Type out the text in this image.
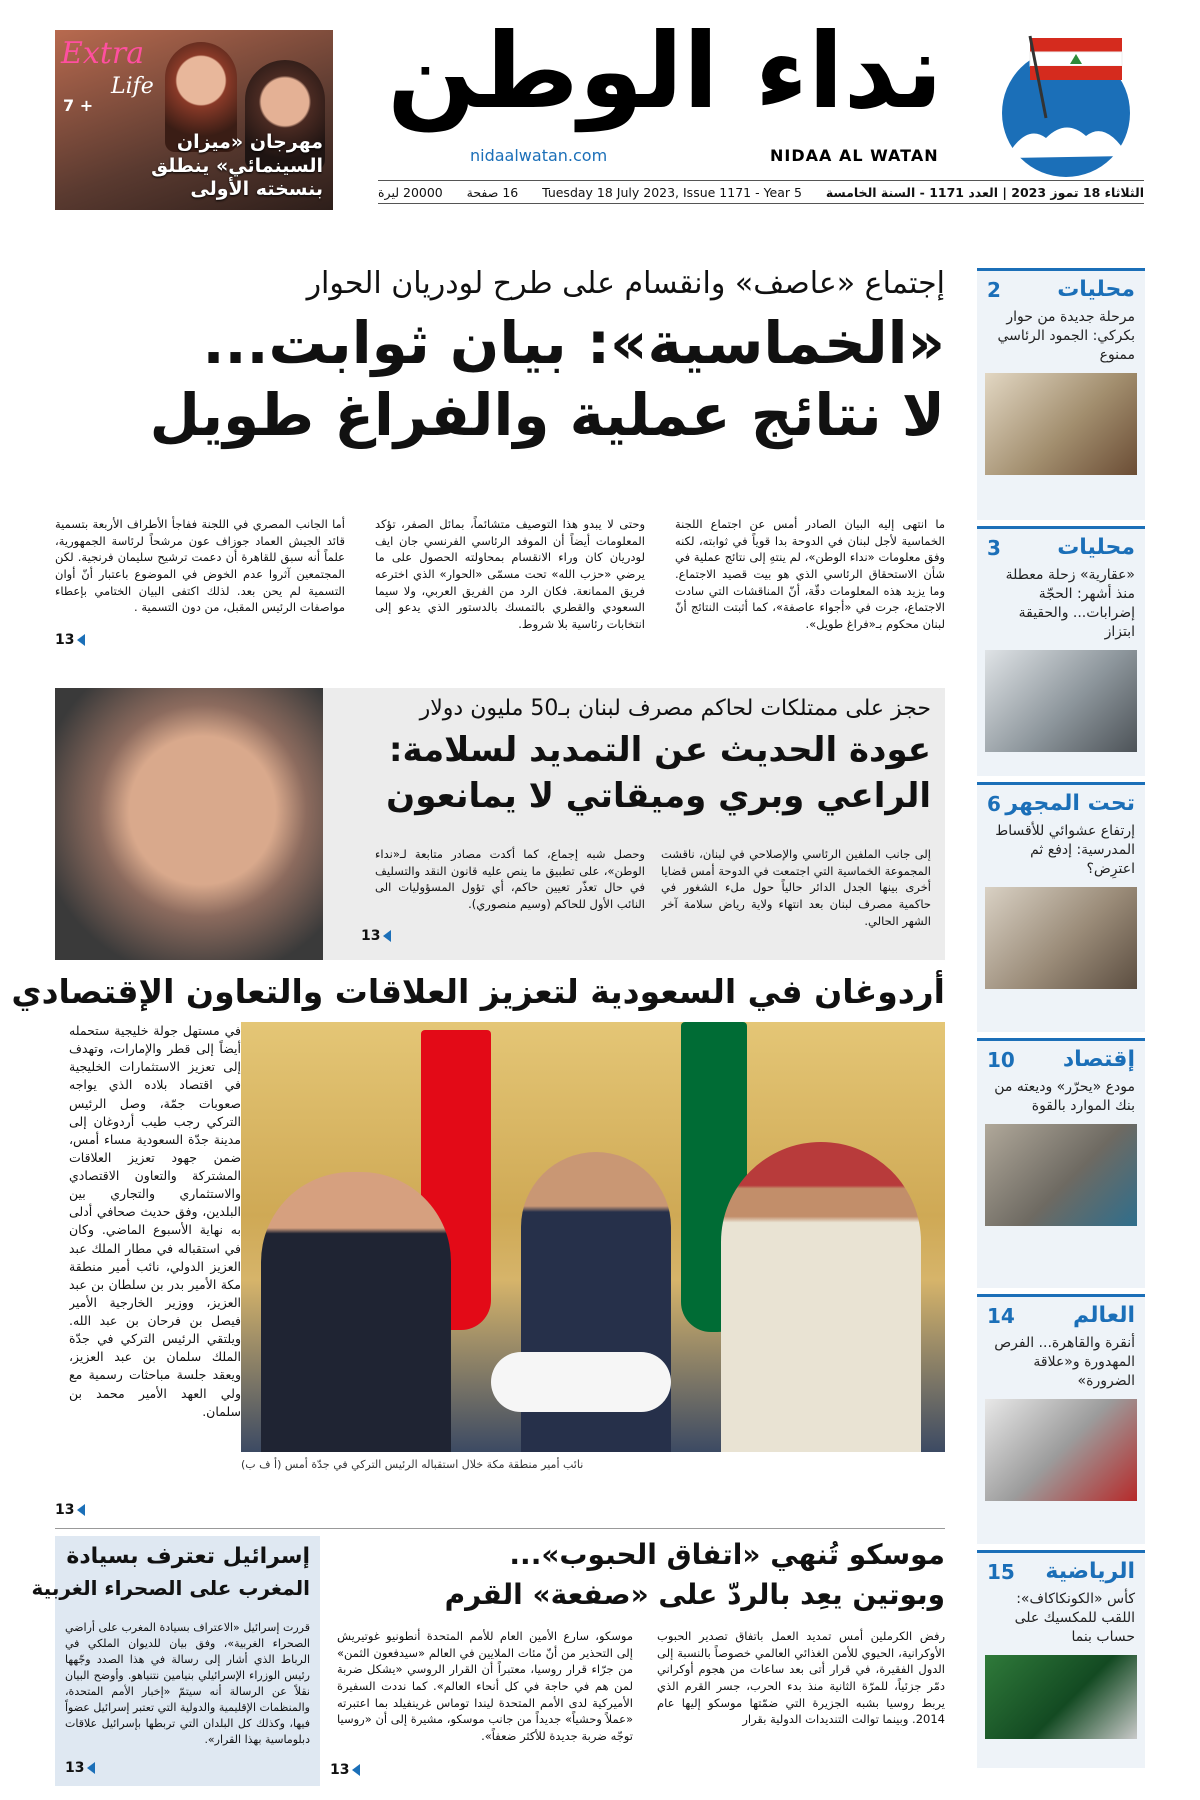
Extra
Life
7 +
مهرجان «ميزان السينمائي» ينطلق بنسخته الأولى
نداء الوطن
nidaalwatan.com	NIDAA AL WATAN
الثلاثاء 18 تموز 2023 | العدد 1171 - السنة الخامسة
Tuesday 18 July 2023, Issue 1171 - Year 5
16 صفحة
20000 ليرة
محليات
2
مرحلة جديدة من حوار بكركي: الجمود الرئاسي ممنوع
محليات
3
«عقارية» زحلة معطلة منذ أشهر: الحجّة إضرابات... والحقيقة ابتزاز
تحت المجهر
6
إرتفاع عشوائي للأقساط المدرسية: إدفع ثم اعترِض؟
إقتصاد
10
مودع «يحرّر» وديعته من بنك الموارد بالقوة
العالم
14
أنقرة والقاهرة... الفرص المهدورة و«علاقة الضرورة»
الرياضية
15
كأس «الكونكاكاف»: اللقب للمكسيك على حساب بنما
إجتماع «عاصف» وانقسام على طرح لودريان الحوار
«الخماسية»: بيان ثوابت...
لا نتائج عملية والفراغ طويل
ما انتهى إليه البيان الصادر أمس عن اجتماع اللجنة الخماسية لأجل لبنان في الدوحة بدا قوياً في ثوابته، لكنه وفق معلومات «نداء الوطن»، لم ينتهِ إلى نتائج عملية في شأن الاستحقاق الرئاسي الذي هو بيت قصيد الاجتماع. وما يزيد هذه المعلومات دقّة، أنّ المناقشات التي سادت الاجتماع، جرت في «أجواء عاصفة»، كما أثبتت النتائج أنّ لبنان محكوم بـ«فراغ طويل».
وحتى لا يبدو هذا التوصيف متشائماً، بمائل الصفر، تؤكد المعلومات أيضاً أن الموفد الرئاسي الفرنسي جان ايف لودريان كان وراء الانقسام بمحاولته الحصول على ما يرضي «حزب الله» تحت مسمّى «الحوار» الذي اخترعه فريق الممانعة. فكان الرد من الفريق العربي، ولا سيما السعودي والقطري بالتمسك بالدستور الذي يدعو إلى انتخابات رئاسية بلا شروط.
أما الجانب المصري في اللجنة ففاجأ الأطراف الأربعة بتسمية قائد الجيش العماد جوزاف عون مرشحاً لرئاسة الجمهورية، علماً أنه سبق للقاهرة أن دعمت ترشيح سليمان فرنجية. لكن المجتمعين آثروا عدم الخوض في الموضوع باعتبار أنّ أوان التسمية لم يحن بعد. لذلك اكتفى البيان الختامي بإعطاء مواصفات الرئيس المقبل، من دون التسمية .
13
حجز على ممتلكات لحاكم مصرف لبنان بـ50 مليون دولار
عودة الحديث عن التمديد لسلامة:
الراعي وبري وميقاتي لا يمانعون
إلى جانب الملفين الرئاسي والإصلاحي في لبنان، ناقشت المجموعة الخماسية التي اجتمعت في الدوحة أمس قضايا أخرى بينها الجدل الدائر حالياً حول ملء الشغور في حاكمية مصرف لبنان بعد انتهاء ولاية رياض سلامة آخر الشهر الحالي.
وحصل شبه إجماع، كما أكدت مصادر متابعة لـ«نداء الوطن»، على تطبيق ما ينص عليه قانون النقد والتسليف في حال تعذّر تعيين حاكم، أي تؤول المسؤوليات الى النائب الأول للحاكم (وسيم منصوري).
13
أردوغان في السعودية لتعزيز العلاقات والتعاون الإقتصادي
في مستهل جولة خليجية ستحمله أيضاً إلى قطر والإمارات، وتهدف إلى تعزيز الاستثمارات الخليجية في اقتصاد بلاده الذي يواجه صعوبات جمّة، وصل الرئيس التركي رجب طيب أردوغان إلى مدينة جدّة السعودية مساء أمس، ضمن جهود تعزيز العلاقات المشتركة والتعاون الاقتصادي والاستثماري والتجاري بين البلدين، وفق حديث صحافي أدلى به نهاية الأسبوع الماضي. وكان في استقباله في مطار الملك عبد العزيز الدولي، نائب أمير منطقة مكة الأمير بدر بن سلطان بن عبد العزيز، ووزير الخارجية الأمير فيصل بن فرحان بن عبد الله. ويلتقي الرئيس التركي في جدّة الملك سلمان بن عبد العزيز، ويعقد جلسة مباحثات رسمية مع ولي العهد الأمير محمد بن سلمان.
نائب أمير منطقة مكة خلال استقباله الرئيس التركي في جدّة أمس (أ ف ب)
13
موسكو تُنهي «اتفاق الحبوب»...
وبوتين يعِد بالردّ على «صفعة» القرم
رفض الكرملين أمس تمديد العمل باتفاق تصدير الحبوب الأوكرانية، الحيوي للأمن الغذائي العالمي خصوصاً بالنسبة إلى الدول الفقيرة، في قرار أتى بعد ساعات من هجوم أوكراني دمّر جزئياً، للمرّة الثانية منذ بدء الحرب، جسر القرم الذي يربط روسيا بشبه الجزيرة التي ضمّتها موسكو إليها عام 2014. وبينما توالت التنديدات الدولية بقرار
موسكو، سارع الأمين العام للأمم المتحدة أنطونيو غوتيريش إلى التحذير من أنّ مئات الملايين في العالم «سيدفعون الثمن» من جرّاء قرار روسيا، معتبراً أن القرار الروسي «يشكل ضربة لمن هم في حاجة في كل أنحاء العالم». كما نددت السفيرة الأميركية لدى الأمم المتحدة ليندا توماس غرينفيلد بما اعتبرته «عملاً وحشياً» جديداً من جانب موسكو، مشيرة إلى أن «روسيا توجّه ضربة جديدة للأكثر ضعفاً».
13
إسرائيل تعترف بسيادة
المغرب على الصحراء الغربية
قررت إسرائيل «الاعتراف بسيادة المغرب على أراضي الصحراء الغربية»، وفق بيان للديوان الملكي في الرباط الذي أشار إلى رسالة في هذا الصدد وجّهها رئيس الوزراء الإسرائيلي بنيامين نتنياهو. وأوضح البيان نقلاً عن الرسالة أنه سيتمّ «إخبار الأمم المتحدة، والمنظمات الإقليمية والدولية التي تعتبر إسرائيل عضواً فيها، وكذلك كل البلدان التي تربطها بإسرائيل علاقات دبلوماسية بهذا القرار».
13
